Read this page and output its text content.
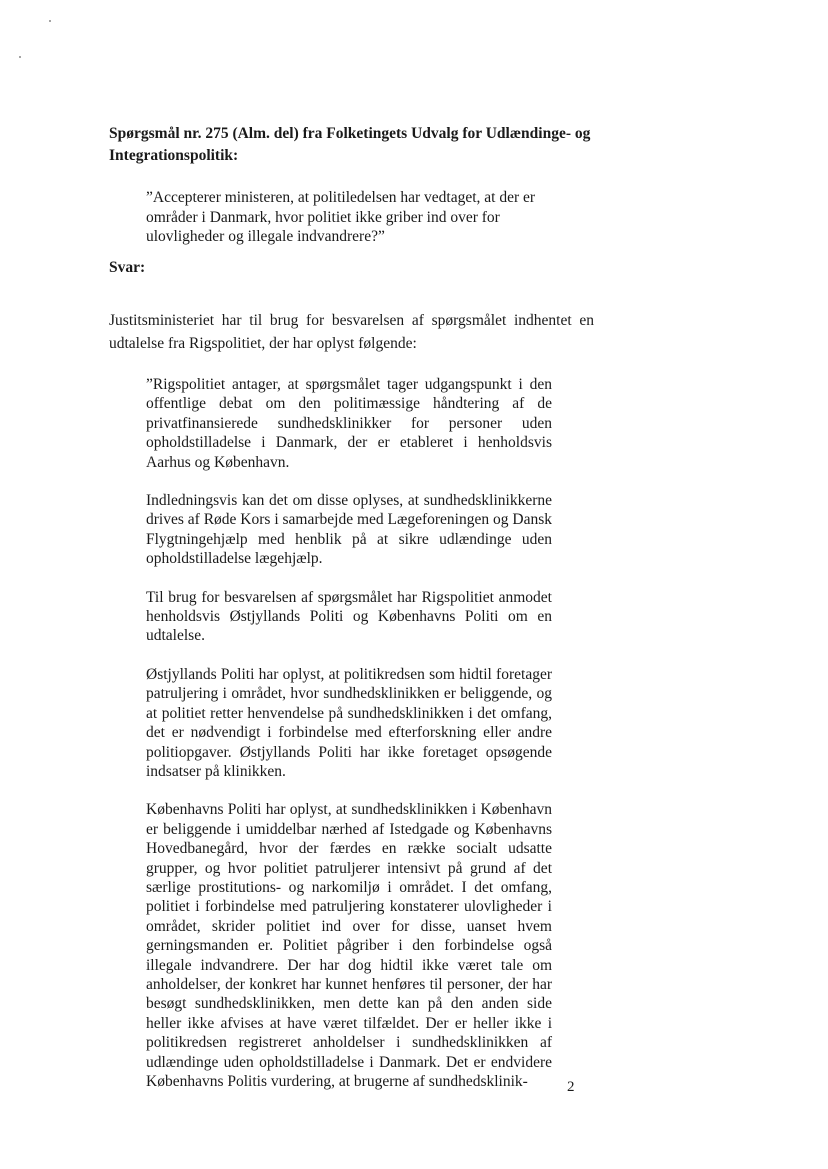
Spørgsmål nr. 275 (Alm. del) fra Folketingets Udvalg for Udlændinge- og Integrationspolitik:
”Accepterer ministeren, at politiledelsen har vedtaget, at der er områder i Danmark, hvor politiet ikke griber ind over for ulovligheder og illegale indvandrere?”
Svar:
Justitsministeriet har til brug for besvarelsen af spørgsmålet indhentet en udtalelse fra Rigspolitiet, der har oplyst følgende:

”Rigspolitiet antager, at spørgsmålet tager udgangspunkt i den offentlige debat om den politimæssige håndtering af de privatfinansierede sundhedsklinikker for personer uden opholdstilladelse i Danmark, der er etableret i henholdsvis Aarhus og København.

Indledningsvis kan det om disse oplyses, at sundhedsklinikkerne drives af Røde Kors i samarbejde med Lægeforeningen og Dansk Flygtningehjælp med henblik på at sikre udlændinge uden opholdstilladelse lægehjælp.

Til brug for besvarelsen af spørgsmålet har Rigspolitiet anmodet henholdsvis Østjyllands Politi og Københavns Politi om en udtalelse.

Østjyllands Politi har oplyst, at politikredsen som hidtil foretager patruljering i området, hvor sundhedsklinikken er beliggende, og at politiet retter henvendelse på sundhedsklinikken i det omfang, det er nødvendigt i forbindelse med efterforskning eller andre politiopgaver. Østjyllands Politi har ikke foretaget opsøgende indsatser på klinikken.

Københavns Politi har oplyst, at sundhedsklinikken i København er beliggende i umiddelbar nærhed af Istedgade og Københavns Hovedbanegård, hvor der færdes en række socialt udsatte grupper, og hvor politiet patruljerer intensivt på grund af det særlige prostitutions- og narkomiljø i området. I det omfang, politiet i forbindelse med patruljering konstaterer ulovligheder i området, skrider politiet ind over for disse, uanset hvem gerningsmanden er. Politiet pågriber i den forbindelse også illegale indvandrere. Der har dog hidtil ikke været tale om anholdelser, der konkret har kunnet henføres til personer, der har besøgt sundhedsklinikken, men dette kan på den anden side heller ikke afvises at have været tilfældet. Der er heller ikke i politikredsen registreret anholdelser i sundhedsklinikken af udlændinge uden opholdstilladelse i Danmark. Det er endvidere Københavns Politis vurdering, at brugerne af sundhedsklinik-	2
